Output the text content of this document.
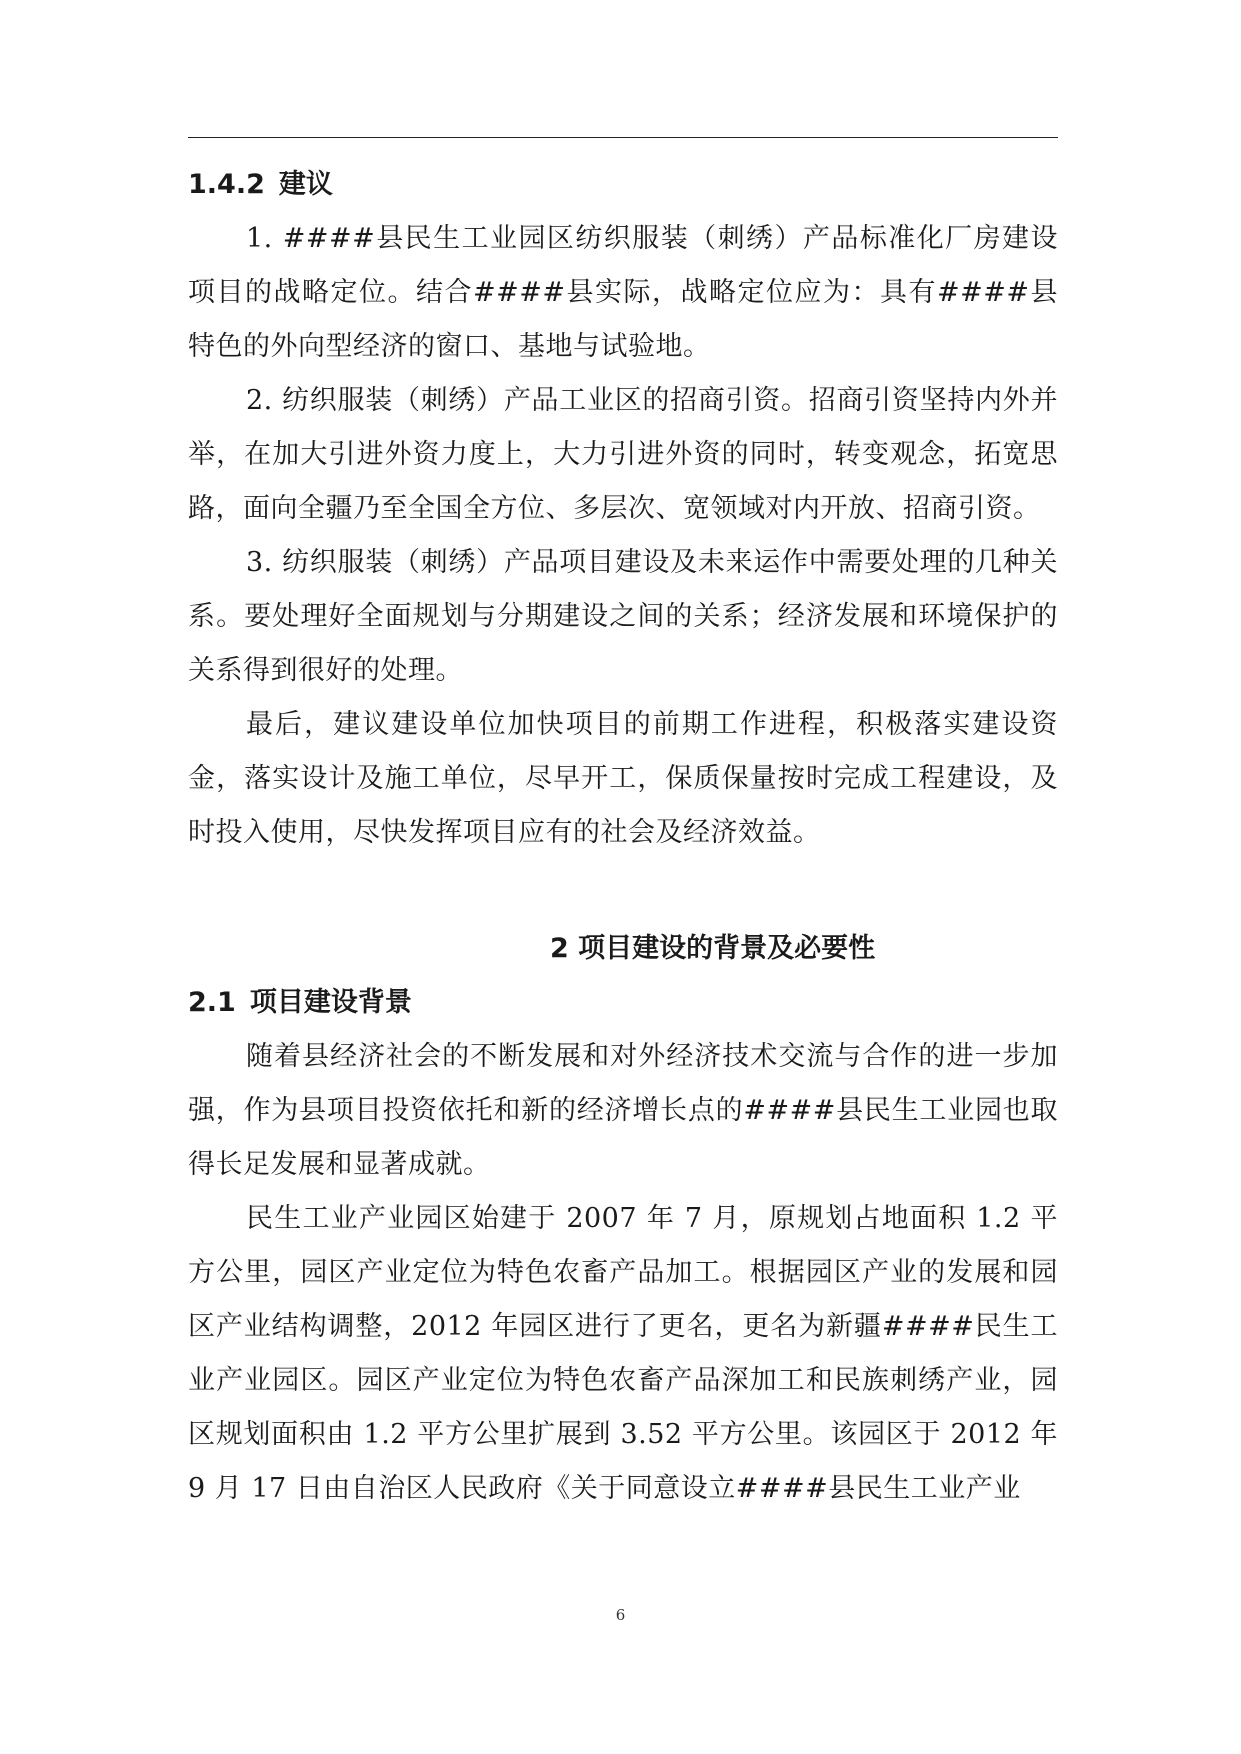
1.4.2 建议

1. ####县民生工业园区纺织服装（刺绣）产品标准化厂房建设项目的战略定位。结合####县实际，战略定位应为：具有####县特色的外向型经济的窗口、基地与试验地。

2. 纺织服装（刺绣）产品工业区的招商引资。招商引资坚持内外并举，在加大引进外资力度上，大力引进外资的同时，转变观念，拓宽思路，面向全疆乃至全国全方位、多层次、宽领域对内开放、招商引资。

3. 纺织服装（刺绣）产品项目建设及未来运作中需要处理的几种关系。要处理好全面规划与分期建设之间的关系；经济发展和环境保护的关系得到很好的处理。

最后，建议建设单位加快项目的前期工作进程，积极落实建设资金，落实设计及施工单位，尽早开工，保质保量按时完成工程建设，及时投入使用，尽快发挥项目应有的社会及经济效益。

2 项目建设的背景及必要性
2.1 项目建设背景

随着县经济社会的不断发展和对外经济技术交流与合作的进一步加强，作为县项目投资依托和新的经济增长点的####县民生工业园也取得长足发展和显著成就。

民生工业产业园区始建于 2007 年 7 月，原规划占地面积 1.2 平方公里，园区产业定位为特色农畜产品加工。根据园区产业的发展和园区产业结构调整，2012 年园区进行了更名，更名为新疆####民生工业产业园区。园区产业定位为特色农畜产品深加工和民族刺绣产业，园区规划面积由 1.2 平方公里扩展到 3.52 平方公里。该园区于 2012 年 9 月 17 日由自治区人民政府《关于同意设立####县民生工业产业

6
